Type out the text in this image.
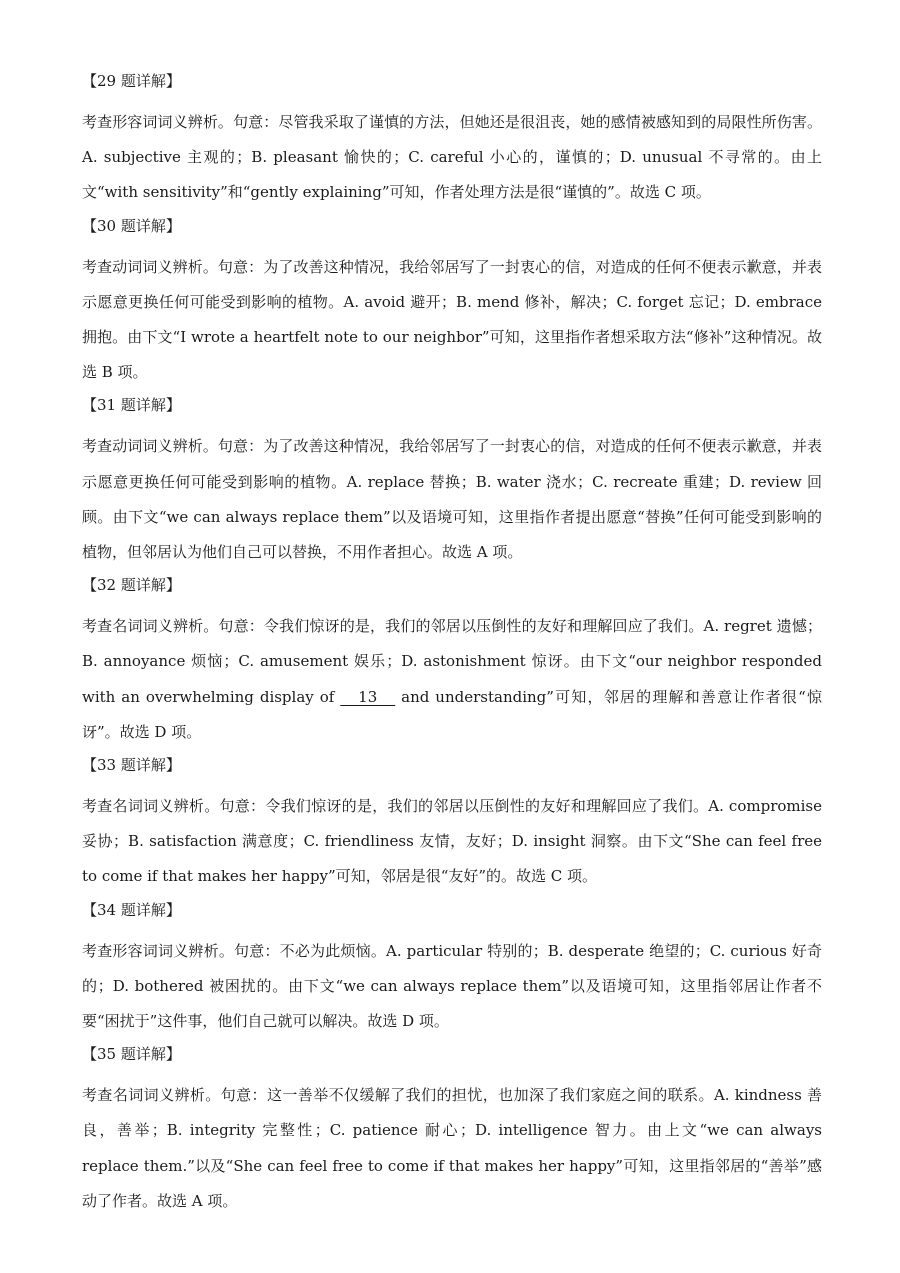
【29 题详解】

考查形容词词义辨析。句意：尽管我采取了谨慎的方法，但她还是很沮丧，她的感情被感知到的局限性所伤害。A. subjective 主观的；B. pleasant 愉快的；C. careful 小心的，谨慎的；D. unusual 不寻常的。由上文“with sensitivity”和“gently explaining”可知，作者处理方法是很“谨慎的”。故选 C 项。

【30 题详解】

考查动词词义辨析。句意：为了改善这种情况，我给邻居写了一封衷心的信，对造成的任何不便表示歉意，并表示愿意更换任何可能受到影响的植物。A. avoid 避开；B. mend 修补，解决；C. forget 忘记；D. embrace 拥抱。由下文“I wrote a heartfelt note to our neighbor”可知，这里指作者想采取方法“修补”这种情况。故选 B 项。

【31 题详解】

考查动词词义辨析。句意：为了改善这种情况，我给邻居写了一封衷心的信，对造成的任何不便表示歉意，并表示愿意更换任何可能受到影响的植物。A. replace 替换；B. water 浇水；C. recreate 重建；D. review 回顾。由下文“we can always replace them”以及语境可知，这里指作者提出愿意“替换”任何可能受到影响的植物，但邻居认为他们自己可以替换，不用作者担心。故选 A 项。

【32 题详解】

考查名词词义辨析。句意：令我们惊讶的是，我们的邻居以压倒性的友好和理解回应了我们。A. regret 遗憾；B. annoyance 烦恼；C. amusement 娱乐；D. astonishment 惊讶。由下文“our neighbor responded with an overwhelming display of    13    and understanding”可知，邻居的理解和善意让作者很“惊讶”。故选 D 项。

【33 题详解】

考查名词词义辨析。句意：令我们惊讶的是，我们的邻居以压倒性的友好和理解回应了我们。A. compromise 妥协；B. satisfaction 满意度；C. friendliness 友情，友好；D. insight 洞察。由下文“She can feel free to come if that makes her happy”可知，邻居是很“友好”的。故选 C 项。

【34 题详解】

考查形容词词义辨析。句意：不必为此烦恼。A. particular 特别的；B. desperate 绝望的；C. curious 好奇的；D. bothered 被困扰的。由下文“we can always replace them”以及语境可知，这里指邻居让作者不要“困扰于”这件事，他们自己就可以解决。故选 D 项。

【35 题详解】

考查名词词义辨析。句意：这一善举不仅缓解了我们的担忧，也加深了我们家庭之间的联系。A. kindness 善良，善举；B. integrity 完整性；C. patience 耐心；D. intelligence 智力。由上文“we can always replace them.”以及“She can feel free to come if that makes her happy”可知，这里指邻居的“善举”感动了作者。故选 A 项。
